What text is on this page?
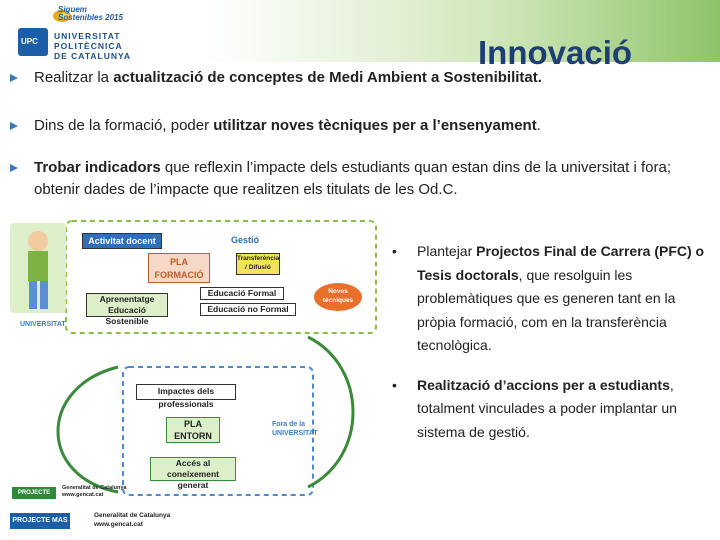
Siguem
Sostenibles 2015
UPC
UNIVERSITAT POLITÈCNICA
DE CATALUNYA	Innovació
Realitzar la actualització de conceptes de Medi Ambient a Sostenibilitat.
Dins de la formació, poder utilitzar noves tècniques per a l’ensenyament.
Trobar indicadors que reflexin l’impacte dels estudiants quan estan dins de la universitat i fora; obtenir dades de l’impacte que realitzen els titulats de les Od.C.
Activitat docent	Gestió
PLA FORMACIÓ
Transferència / Difusió
Aprenentatge Educació Sostenible
Educació Formal
Educació no Formal
Noves tècniques
UNIVERSITAT
Impactes dels professionals
PLA ENTORN
Fora de la UNIVERSITAT
Accés al coneixement generat
PROJECTE RAS
Generalitat de Catalunya
www.gencat.cat
PROJECTE MAS
Generalitat de Catalunya
www.gencat.cat
• Plantejar Projectos Final de Carrera (PFC) o Tesis doctorals, que resolguin les problemàtiques que es generen tant en la pròpia formació, com en la transferència tecnològica.
• Realització d’accions per a estudiants, totalment vinculades a poder implantar un sistema de gestió.
